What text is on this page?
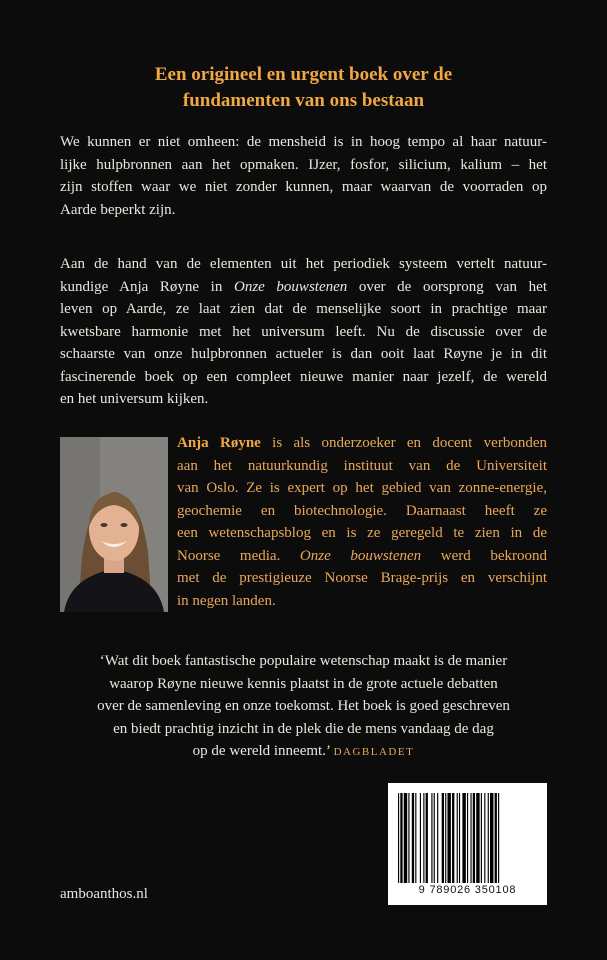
Een origineel en urgent boek over de
fundamenten van ons bestaan
We kunnen er niet omheen: de mensheid is in hoog tempo al haar natuur-
lijke hulpbronnen aan het opmaken. IJzer, fosfor, silicium, kalium – het
zijn stoffen waar we niet zonder kunnen, maar waarvan de voorraden op
Aarde beperkt zijn.
Aan de hand van de elementen uit het periodiek systeem vertelt natuur-
kundige Anja Røyne in Onze bouwstenen over de oorsprong van het
leven op Aarde, ze laat zien dat de menselijke soort in prachtige maar
kwetsbare harmonie met het universum leeft. Nu de discussie over de
schaarste van onze hulpbronnen actueler is dan ooit laat Røyne je in dit
fascinerende boek op een compleet nieuwe manier naar jezelf, de wereld
en het universum kijken.
Anja Røyne is als onderzoeker en docent verbonden
aan het natuurkundig instituut van de Universiteit
van Oslo. Ze is expert op het gebied van zonne-energie,
geochemie en biotechnologie. Daarnaast heeft ze
een wetenschapsblog en is ze geregeld te zien in de
Noorse media. Onze bouwstenen werd bekroond
met de prestigieuze Noorse Brage-prijs en verschijnt
in negen landen.
‘Wat dit boek fantastische populaire wetenschap maakt is de manier
waarop Røyne nieuwe kennis plaatst in de grote actuele debatten
over de samenleving en onze toekomst. Het boek is goed geschreven
en biedt prachtig inzicht in de plek die de mens vandaag de dag
op de wereld inneemt.’ DAGBLADET
amboanthos.nl	9 789026 350108
